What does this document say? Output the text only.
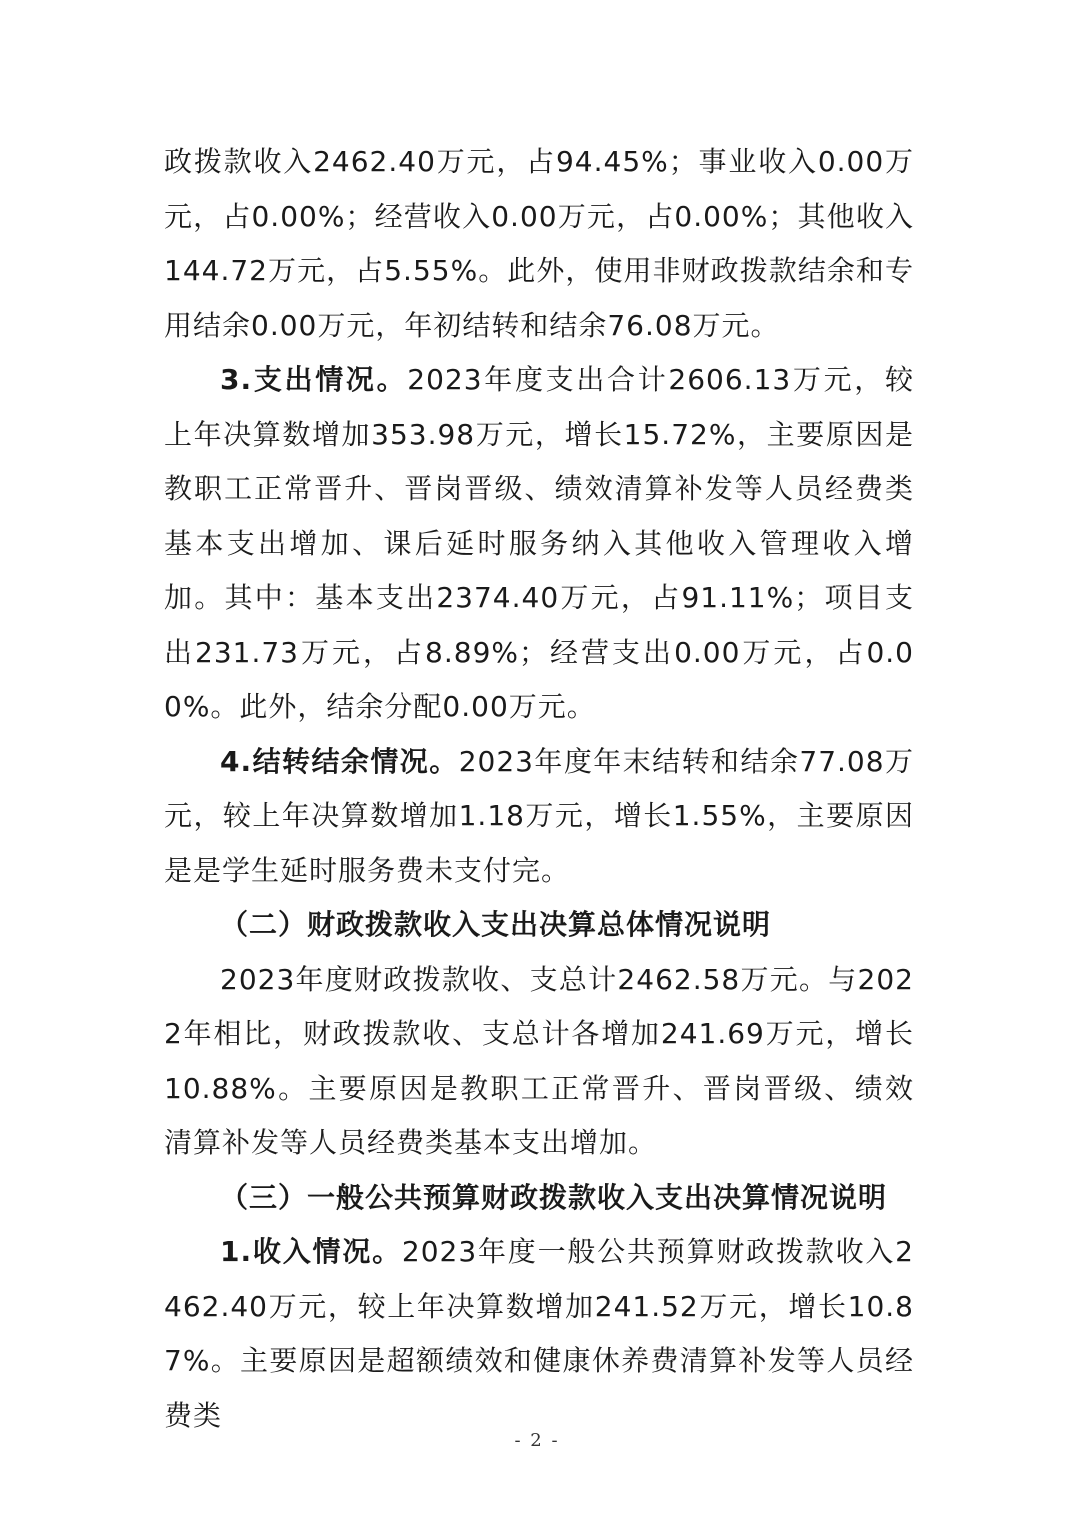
政拨款收入2462.40万元，占94.45%；事业收入0.00万元，占0.00%；经营收入0.00万元，占0.00%；其他收入144.72万元，占5.55%。此外，使用非财政拨款结余和专用结余0.00万元，年初结转和结余76.08万元。

3.支出情况。2023年度支出合计2606.13万元，较上年决算数增加353.98万元，增长15.72%，主要原因是教职工正常晋升、晋岗晋级、绩效清算补发等人员经费类基本支出增加、课后延时服务纳入其他收入管理收入增加。其中：基本支出2374.40万元，占91.11%；项目支出231.73万元，占8.89%；经营支出0.00万元，占0.00%。此外，结余分配0.00万元。

4.结转结余情况。2023年度年末结转和结余77.08万元，较上年决算数增加1.18万元，增长1.55%，主要原因是是学生延时服务费未支付完。

（二）财政拨款收入支出决算总体情况说明

2023年度财政拨款收、支总计2462.58万元。与2022年相比，财政拨款收、支总计各增加241.69万元，增长10.88%。主要原因是教职工正常晋升、晋岗晋级、绩效清算补发等人员经费类基本支出增加。

（三）一般公共预算财政拨款收入支出决算情况说明

1.收入情况。2023年度一般公共预算财政拨款收入2462.40万元，较上年决算数增加241.52万元，增长10.87%。主要原因是超额绩效和健康休养费清算补发等人员经费类

- 2 -
